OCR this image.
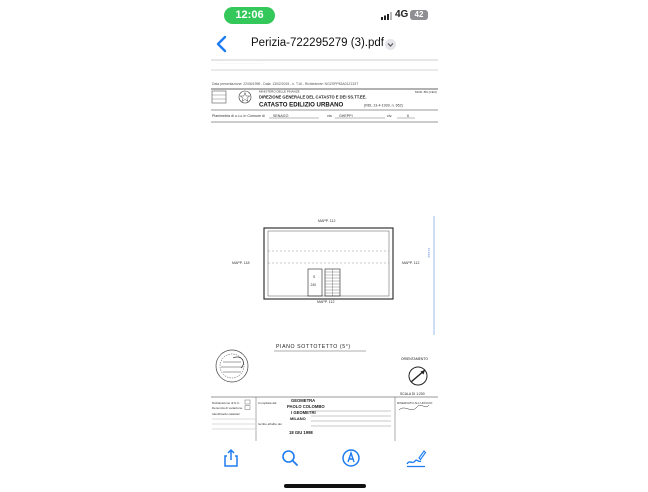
12:06	4G 42
Perizia-722295279 (3).pdf
. . . . . . . . . . . . . . . . . . . . . . . . . . . . .
Data presentazione: 22/06/1998 - Data: 13/02/2015 - n. T16 - Richiedente: NGZSPP83A01Z133T
MINISTERO DELLE FINANZE
DIREZIONE GENERALE DEL CATASTO E DEI SS.TT.EE.
CATASTO EDILIZIO URBANO	(RDL 13-4-1939, n. 652)
MOD. BN (CEU)
Planimetria di u.i.u. in Comune di SENAGO	via GHEPPI	civ.	6
11 metri
MAPP. 112
S
240
MAPP. 118	MAPP. 112
MAPP. 112
PIANO SOTTOTETTO (5°)
ORIENTAMENTO
SCALA DI 1:200
Dichiarazione di N.C.
Denuncia di variazione
Identificativi catastali
Compilata dal	GEOMETRA
PAOLO COLOMBO
I GEOMETRI
MILANO
Iscritto all'albo dei
18 GIU 1998
RISERVATO ALL'UFFICIO
